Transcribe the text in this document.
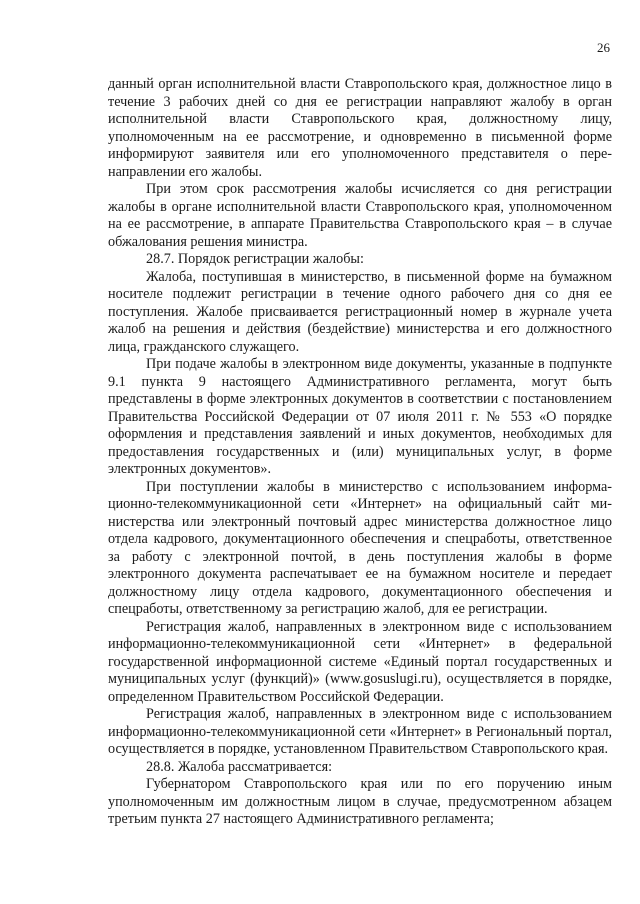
26

данный орган исполнительной власти Ставропольского края, должностное лицо в течение 3 рабочих дней со дня ее регистрации направляют жалобу в орган исполнительной власти Ставропольского края, должностному лицу, уполномоченным на ее рассмотрение, и одновременно в письменной форме информируют заявителя или его уполномоченного представителя о перенаправлении его жалобы.

При этом срок рассмотрения жалобы исчисляется со дня регистрации жалобы в органе исполнительной власти Ставропольского края, уполномоченном на ее рассмотрение, в аппарате Правительства Ставропольского края – в случае обжалования решения министра.

28.7. Порядок регистрации жалобы:

Жалоба, поступившая в министерство, в письменной форме на бумажном носителе подлежит регистрации в течение одного рабочего дня со дня ее поступления. Жалобе присваивается регистрационный номер в журнале учета жалоб на решения и действия (бездействие) министерства и его должностного лица, гражданского служащего.

При подаче жалобы в электронном виде документы, указанные в подпункте 9.1 пункта 9 настоящего Административного регламента, могут быть представлены в форме электронных документов в соответствии с постановлением Правительства Российской Федерации от 07 июля 2011 г. № 553 «О порядке оформления и представления заявлений и иных документов, необходимых для предоставления государственных и (или) муниципальных услуг, в форме электронных документов».

При поступлении жалобы в министерство с использованием информационно-телекоммуникационной сети «Интернет» на официальный сайт министерства или электронный почтовый адрес министерства должностное лицо отдела кадрового, документационного обеспечения и спецработы, ответственное за работу с электронной почтой, в день поступления жалобы в форме электронного документа распечатывает ее на бумажном носителе и передает должностному лицу отдела кадрового, документационного обеспечения и спецработы, ответственному за регистрацию жалоб, для ее регистрации.

Регистрация жалоб, направленных в электронном виде с использованием информационно-телекоммуникационной сети «Интернет» в федеральной государственной информационной системе «Единый портал государственных и муниципальных услуг (функций)» (www.gosuslugi.ru), осуществляется в порядке, определенном Правительством Российской Федерации.

Регистрация жалоб, направленных в электронном виде с использованием информационно-телекоммуникационной сети «Интернет» в Региональный портал, осуществляется в порядке, установленном Правительством Ставропольского края.

28.8. Жалоба рассматривается:

Губернатором Ставропольского края или по его поручению иным уполномоченным им должностным лицом в случае, предусмотренном абзацем третьим пункта 27 настоящего Административного регламента;
